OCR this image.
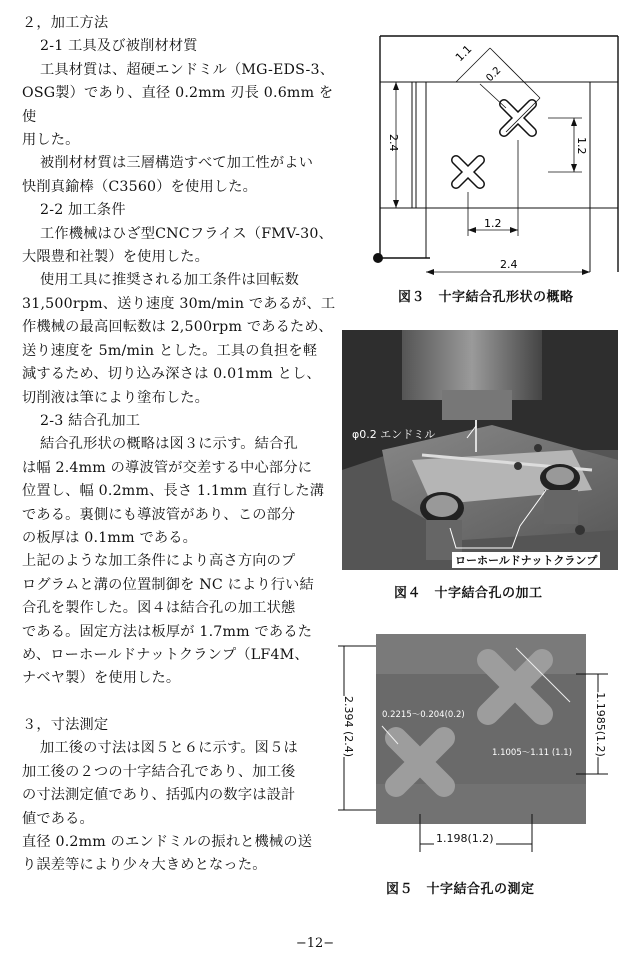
２，加工方法

2-1 工具及び被削材材質

工具材質は、超硬エンドミル（MG-EDS-3、

OSG製）であり、直径 0.2mm 刃長 0.6mm を使

用した。

被削材材質は三層構造すべて加工性がよい

快削真鍮棒（C3560）を使用した。

2-2 加工条件

工作機械はひざ型CNCフライス（FMV-30、

大隈豊和社製）を使用した。

使用工具に推奨される加工条件は回転数

31,500rpm、送り速度 30m/min であるが、工

作機械の最高回転数は 2,500rpm であるため、

送り速度を 5m/min とした。工具の負担を軽

減するため、切り込み深さは 0.01mm とし、

切削液は筆により塗布した。

2-3 結合孔加工

結合孔形状の概略は図３に示す。結合孔

は幅 2.4mm の導波管が交差する中心部分に

位置し、幅 0.2mm、長さ 1.1mm 直行した溝

である。裏側にも導波管があり、この部分

の板厚は 0.1mm である。

上記のような加工条件により高さ方向のプ

ログラムと溝の位置制御を NC により行い結

合孔を製作した。図４は結合孔の加工状態

である。固定方法は板厚が 1.7mm であるた

め、ローホールドナットクランプ（LF4M、

ナベヤ製）を使用した。

３，寸法測定

加工後の寸法は図５と６に示す。図５は

加工後の２つの十字結合孔であり、加工後

の寸法測定値であり、括弧内の数字は設計

値である。

直径 0.2mm のエンドミルの振れと機械の送

り誤差等により少々大きめとなった。

2.4
1.1
0.2
1.2
1.2
2.4
図３　十字結合孔形状の概略
φ0.2 エンドミル
ローホールドナットクランプ
図４　十字結合孔の加工
2.394 (2.4)	1.1985(1.2)
1.198(1.2)
0.2215～0.204(0.2)
1.1005～1.11 (1.1)
図５　十字結合孔の測定
−12−
